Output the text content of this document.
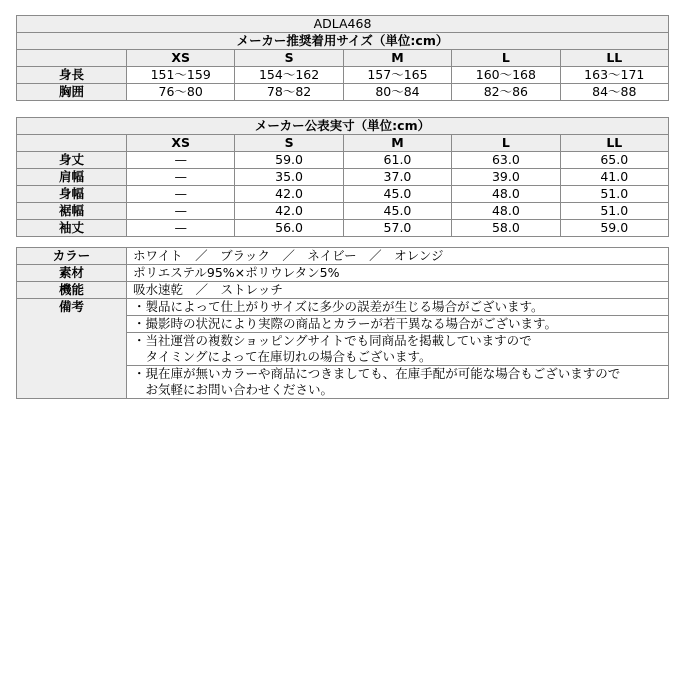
ADLA468					
メーカー推奨着用サイズ（単位:cm）					
	XS	S	M	L	LL
身長	151〜159	154〜162	157〜165	160〜168	163〜171
胸囲	76〜80	78〜82	80〜84	82〜86	84〜88
メーカー公表実寸（単位:cm）					
	XS	S	M	L	LL
身丈	—	59.0	61.0	63.0	65.0
肩幅	—	35.0	37.0	39.0	41.0
身幅	—	42.0	45.0	48.0	51.0
裾幅	—	42.0	45.0	48.0	51.0
袖丈	—	56.0	57.0	58.0	59.0
カラー	ホワイト　／　ブラック　／　ネイビー　／　オレンジ
素材	ポリエステル95%×ポリウレタン5%
機能	吸水速乾　／　ストレッチ
備考	・製品によって仕上がりサイズに多少の誤差が生じる場合がございます。
	・撮影時の状況により実際の商品とカラーが若干異なる場合がございます。

	・当社運営の複数ショッピングサイトでも同商品を掲載していますので
　タイミングによって在庫切れの場合もございます。

	・現在庫が無いカラーや商品につきましても、在庫手配が可能な場合もございますので
　お気軽にお問い合わせください。
